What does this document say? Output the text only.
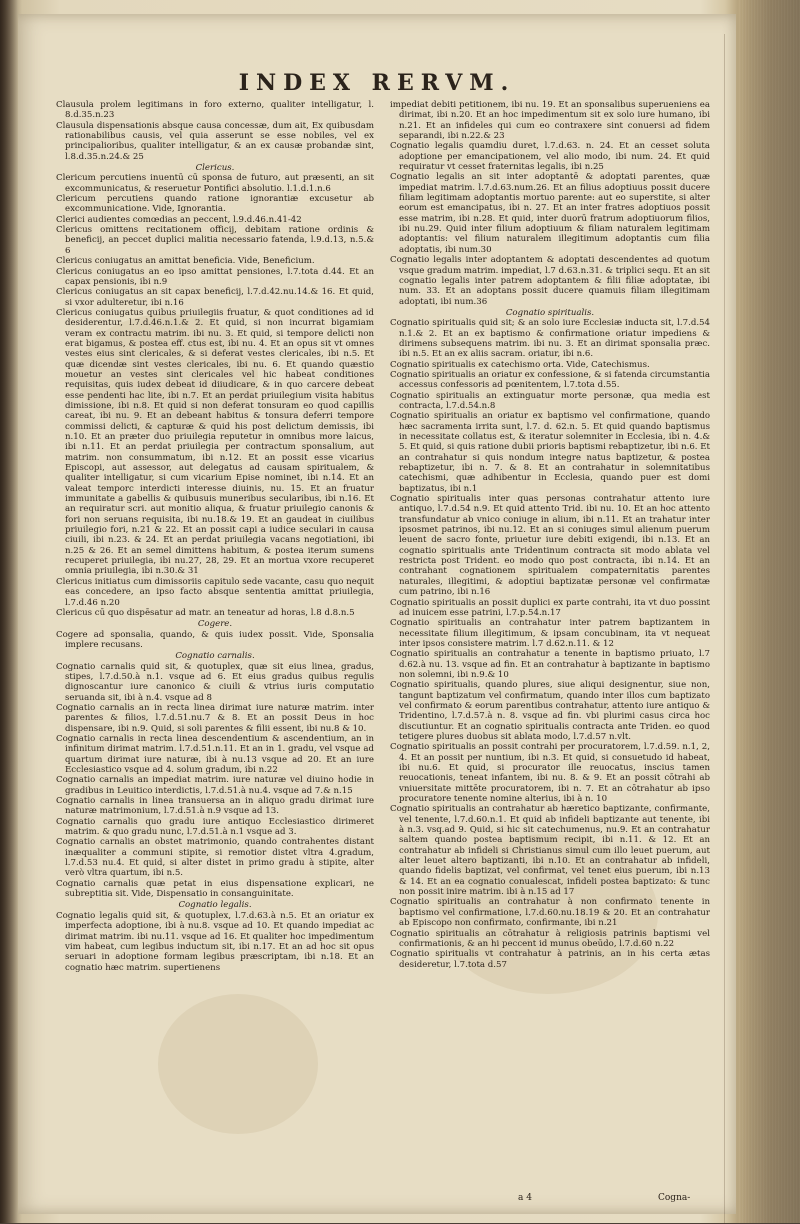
INDEX RERVM.

Clausula prolem legitimans in foro externo, qualiter intelligatur, l. 8.d.35.n.23

Clausula dispensationis absque causa concessæ, dum ait, Ex quibusdam rationabilibus causis, vel quia asserunt se esse nobiles, vel ex principalioribus, qualiter intelligatur, & an ex causæ probandæ sint, l.8.d.35.n.24.& 25

Clericus.

Clericum percutiens inuentū cū sponsa de futuro, aut præsenti, an sit excommunicatus, & reseruetur Pontifici absolutio. l.1.d.1.n.6

Clericum percutiens quando ratione ignorantiæ excusetur ab excommunicatione. Vide, Ignorantia.

Clerici audientes comœdias an peccent, l.9.d.46.n.41-42

Clericus omittens recitationem officij, debitam ratione ordinis & beneficij, an peccet duplici malitia necessario fatenda, l.9.d.13, n.5.& 6

Clericus coniugatus an amittat beneficia. Vide, Beneficium.

Clericus coniugatus an eo ipso amittat pensiones, l.7.tota d.44. Et an capax pensionis, ibi n.9

Clericus coniugatus an sit capax beneficij, l.7.d.42.nu.14.& 16. Et quid, si vxor adulteretur, ibi n.16

Clericus coniugatus quibus priuilegiis fruatur, & quot conditiones ad id desiderentur, l.7.d.46.n.1.& 2. Et quid, si non incurrat bigamiam veram ex contractu matrim. ibi nu. 3. Et quid, si tempore delicti non erat bigamus, & postea eff. ctus est, ibi nu. 4. Et an opus sit vt omnes vestes eius sint clericales, & si deferat vestes clericales, ibi n.5. Et quæ dicendæ sint vestes clericales, ibi nu. 6. Et quando quæstio mouetur an vestes sint clericales vel hic habeat conditiones requisitas, quis iudex debeat id diiudicare, & in quo carcere debeat esse pendenti hac lite, ibi n.7. Et an perdat priuilegium visita habitus dimissione, ibi n.8. Et quid si non deferat tonsuram eo quod capillis careat, ibi nu. 9. Et an debeant habitus & tonsura deferri tempore commissi delicti, & capturæ & quid his post delictum demissis, ibi n.10. Et an præter duo priuilegia reputetur in omnibus more laicus, ibi n.11. Et an perdat priuilegia per contractum sponsalium, aut matrim. non consummatum, ibi n.12. Et an possit esse vicarius Episcopi, aut assessor, aut delegatus ad causam spiritualem, & qualiter intelligatur, si cum vicarium Epise nominet, ibi n.14. Et an valeat temporc interdicti interesse diuinis, nu. 15. Et an fruatur immunitate a gabellis & quibusuis muneribus secularibus, ibi n.16. Et an requiratur scri. aut monitio aliqua, & fruatur priuilegio canonis & fori non seruans requisita, ibi nu.18.& 19. Et an gaudeat in ciuilibus priuilegio fori, n.21 & 22. Et an possit capi a iudice seculari in causa ciuili, ibi n.23. & 24. Et an perdat priuilegia vacans negotiationi, ibi n.25 & 26. Et an semel dimittens habitum, & postea iterum sumens recuperet priuilegia, ibi nu.27, 28, 29. Et an mortua vxore recuperet omnia priuilegia, ibi n.30.& 31

Clericus initiatus cum dimissoriis capitulo sede vacante, casu quo nequit eas concedere, an ipso facto absque sententia amittat priuilegia, l.7.d.46 n.20

Clericus cū quo dispēsatur ad matr. an teneatur ad horas, l.8 d.8.n.5

Cogere.

Cogere ad sponsalia, quando, & quis iudex possit. Vide, Sponsalia implere recusans.

Cognatio carnalis.

Cognatio carnalis quid sit, & quotuplex, quæ sit eius linea, gradus, stipes, l.7.d.50.à n.1. vsque ad 6. Et eius gradus quibus regulis dignoscantur iure canonico & ciuili & vtrius iuris computatio seruanda sit, ibi à n.4. vsque ad 8

Cognatio carnalis an in recta linea dirimat iure naturæ matrim. inter parentes & filios, l.7.d.51.nu.7 & 8. Et an possit Deus in hoc dispensare, ibi n.9. Quid, si soli parentes & filii essent, ibi nu.8 & 10.

Cognatio carnalis in recta linea descendentium & ascendentium, an in infinitum dirimat matrim. l.7.d.51.n.11. Et an in 1. gradu, vel vsque ad quartum dirimat iure naturæ, ibi à nu.13 vsque ad 20. Et an iure Ecclesiastico vsque ad 4. solum gradum, ibi n.22

Cognatio carnalis an impediat matrim. iure naturæ vel diuino hodie in gradibus in Leuitico interdictis, l.7.d.51.à nu.4. vsque ad 7.& n.15

Cognatio carnalis in linea transuersa an in aliquo gradu dirimat iure naturæ matrimonium, l.7.d.51.à n.9 vsque ad 13.

Cognatio carnalis quo gradu iure antiquo Ecclesiastico dirimeret matrim. & quo gradu nunc, l.7.d.51.à n.1 vsque ad 3.

Cognatio carnalis an obstet matrimonio, quando contrahentes distant inæqualiter a communi stipite, si remotior distet vltra 4.gradum, l.7.d.53 nu.4. Et quid, si alter distet in primo gradu à stipite, alter verò vltra quartum, ibi n.5.

Cognatio carnalis quæ petat in eius dispensatione explicari, ne subreptitia sit. Vide, Dispensatio in consanguinitate.

Cognatio legalis.

Cognatio legalis quid sit, & quotuplex, l.7.d.63.à n.5. Et an oriatur ex imperfecta adoptione, ibi à nu.8. vsque ad 10. Et quando impediat ac dirimat matrim. ibi nu.11. vsque ad 16. Et qualiter hoc impedimentum vim habeat, cum legibus inductum sit, ibi n.17. Et an ad hoc sit opus seruari in adoptione formam legibus præscriptam, ibi n.18. Et an cognatio hæc matrim. supertienens

impediat debiti petitionem, ibi nu. 19. Et an sponsalibus superueniens ea dirimat, ibi n.20. Et an hoc impedimentum sit ex solo iure humano, ibi n.21. Et an infideles qui cum eo contraxere sint conuersi ad fidem separandi, ibi n.22.& 23

Cognatio legalis quamdiu duret, l.7.d.63. n. 24. Et an cesset soluta adoptione per emancipationem, vel alio modo, ibi num. 24. Et quid requiratur vt cesset fraternitas legalis, ibi n.25

Cognatio legalis an sit inter adoptantē & adoptati parentes, quæ impediat matrim. l.7.d.63.num.26. Et an filius adoptiuus possit ducere filiam legitimam adoptantis mortuo parente: aut eo superstite, si alter eorum est emancipatus, ibi n. 27. Et an inter fratres adoptiuos possit esse matrim, ibi n.28. Et quid, inter duorū fratrum adoptiuorum filios, ibi nu.29. Quid inter filium adoptiuum & filiam naturalem legitimam adoptantis: vel filium naturalem illegitimum adoptantis cum filia adoptatis, ibi num.30

Cognatio legalis inter adoptantem & adoptati descendentes ad quotum vsque gradum matrim. impediat, l.7 d.63.n.31. & triplici sequ. Et an sit cognatio legalis inter patrem adoptantem & filii filiæ adoptatæ, ibi num. 33. Et an adoptans possit ducere quamuis filiam illegitimam adoptati, ibi num.36

Cognatio spiritualis.

Cognatio spiritualis quid sit; & an solo iure Ecclesiæ inducta sit, l.7.d.54 n.1.& 2. Et an ex baptismo & confirmatione oriatur impediens & dirimens subsequens matrim. ibi nu. 3. Et an dirimat sponsalia præc. ibi n.5. Et an ex aliis sacram. oriatur, ibi n.6.

Cognatio spiritualis ex catechismo orta. Vide, Catechismus.

Cognatio spiritualis an oriatur ex confessione, & si fatenda circumstantia accessus confessoris ad pœnitentem, l.7.tota d.55.

Cognatio spiritualis an extinguatur morte personæ, qua media est contracta, l.7.d.54.n.8

Cognatio spiritualis an oriatur ex baptismo vel confirmatione, quando hæc sacramenta irrita sunt, l.7. d. 62.n. 5. Et quid quando baptismus in necessitate collatus est, & iteratur solemniter in Ecclesia, ibi n. 4.& 5. Et quid, si quis ratione dubii prioris baptismi rebaptizetur, ibi n.6. Et an contrahatur si quis nondum integre natus baptizetur, & postea rebaptizetur, ibi n. 7. & 8. Et an contrahatur in solemnitatibus catechismi, quæ adhibentur in Ecclesia, quando puer est domi baptizatus, ibi n.1

Cognatio spiritualis inter quas personas contrahatur attento iure antiquo, l.7.d.54 n.9. Et quid attento Trid. ibi nu. 10. Et an hoc attento transfundatur ab vnico coniuge in alium, ibi n.11. Et an trahatur inter ipsosmet patrinos, ibi nu.12. Et an si coniuges simul alienum puerum leuent de sacro fonte, priuetur iure debiti exigendi, ibi n.13. Et an cognatio spiritualis ante Tridentinum contracta sit modo ablata vel restricta post Trident. eo modo quo post contracta, ibi n.14. Et an contrahant cognationem spiritualem compaternitatis parentes naturales, illegitimi, & adoptiui baptizatæ personæ vel confirmatæ cum patrino, ibi n.16

Cognatio spiritualis an possit duplici ex parte contrahi, ita vt duo possint ad inuicem esse patrini, l.7.p.54.n.17

Cognatio spiritualis an contrahatur inter patrem baptizantem in necessitate filium illegitimum, & ipsam concubinam, ita vt nequeat inter ipsos consistere matrim. l.7 d.62.n.11. & 12

Cognatio spiritualis an contrahatur a tenente in baptismo priuato, l.7 d.62.à nu. 13. vsque ad fin. Et an contrahatur à baptizante in baptismo non solemni, ibi n.9.& 10

Cognatio spiritualis, quando plures, siue aliqui designentur, siue non, tangunt baptizatum vel confirmatum, quando inter illos cum baptizato vel confirmato & eorum parentibus contrahatur, attento iure antiquo & Tridentino, l.7.d.57.à n. 8. vsque ad fin. vbi plurimi casus circa hoc discutiuntur. Et an cognatio spiritualis contracta ante Triden. eo quod tetigere plures duobus sit ablata modo, l.7.d.57 n.vlt.

Cognatio spiritualis an possit contrahi per procuratorem, l.7.d.59. n.1, 2, 4. Et an possit per nuntium, ibi n.3. Et quid, si consuetudo id habeat, ibi nu.6. Et quid, si procurator ille reuocatus, inscius tamen reuocationis, teneat infantem, ibi nu. 8. & 9. Et an possit cōtrahi ab vniuersitate mittēte procuratorem, ibi n. 7. Et an cōtrahatur ab ipso procuratore tenente nomine alterius, ibi à n. 10

Cognatio spiritualis an contrahatur ab hæretico baptizante, confirmante, vel tenente, l.7.d.60.n.1. Et quid ab infideli baptizante aut tenente, ibi à n.3. vsq.ad 9. Quid, si hic sit catechumenus, nu.9. Et an contrahatur saltem quando postea baptismum recipit, ibi n.11. & 12. Et an contrahatur ab infideli si Christianus simul cum illo leuet puerum, aut alter leuet altero baptizanti, ibi n.10. Et an contrahatur ab infideli, quando fidelis baptizat, vel confirmat, vel tenet eius puerum, ibi n.13 & 14. Et an ea cognatio conualescat, infideli postea baptizato: & tunc non possit inire matrim. ibi à n.15 ad 17

Cognatio spiritualis an contrahatur à non confirmato tenente in baptismo vel confirmatione, l.7.d.60.nu.18.19 & 20. Et an contrahatur ab Episcopo non confirmato, confirmante, ibi n.21

Cognatio spiritualis an cōtrahatur à religiosis patrinis baptismi vel confirmationis, & an hi peccent id munus obeūdo, l.7.d.60 n.22

Cognatio spiritualis vt contrahatur à patrinis, an in his certa ætas desideretur, l.7.tota d.57

a 4	Cogna-
